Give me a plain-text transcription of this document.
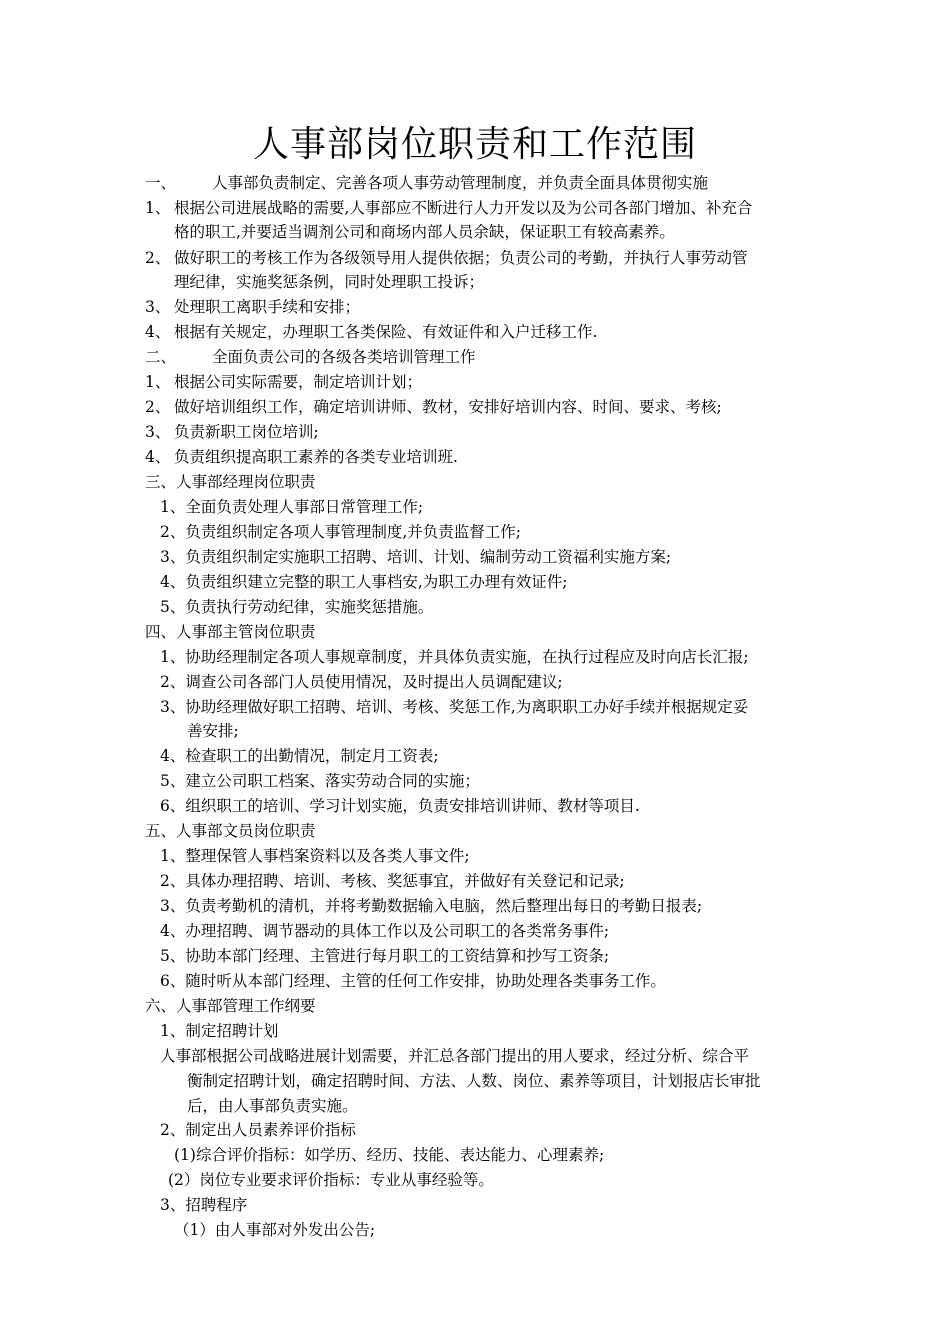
人事部岗位职责和工作范围
一、 人事部负责制定、完善各项人事劳动管理制度，并负责全面具体贯彻实施
1、 根据公司进展战略的需要,人事部应不断进行人力开发以及为公司各部门增加、补充合
格的职工,并要适当调剂公司和商场内部人员余缺，保证职工有较高素养。
2、 做好职工的考核工作为各级领导用人提供依据；负责公司的考勤，并执行人事劳动管
理纪律，实施奖惩条例，同时处理职工投诉；
3、 处理职工离职手续和安排；
4、 根据有关规定，办理职工各类保险、有效证件和入户迁移工作.
二、 全面负责公司的各级各类培训管理工作
1、 根据公司实际需要，制定培训计划；
2、 做好培训组织工作，确定培训讲师、教材，安排好培训内容、时间、要求、考核;
3、 负责新职工岗位培训;
4、 负责组织提高职工素养的各类专业培训班.
三、人事部经理岗位职责
1、全面负责处理人事部日常管理工作;
2、负责组织制定各项人事管理制度,并负责监督工作;
3、负责组织制定实施职工招聘、培训、计划、编制劳动工资福利实施方案;
4、负责组织建立完整的职工人事档安,为职工办理有效证件;
5、负责执行劳动纪律，实施奖惩措施。
四、人事部主管岗位职责
1、协助经理制定各项人事规章制度，并具体负责实施，在执行过程应及时向店长汇报;
2、调查公司各部门人员使用情况，及时提出人员调配建议;
3、协助经理做好职工招聘、培训、考核、奖惩工作,为离职职工办好手续并根据规定妥
善安排;
4、检查职工的出勤情况，制定月工资表;
5、建立公司职工档案、落实劳动合同的实施；
6、组织职工的培训、学习计划实施，负责安排培训讲师、教材等项目.
五、人事部文员岗位职责
1、整理保管人事档案资料以及各类人事文件;
2、具体办理招聘、培训、考核、奖惩事宜，并做好有关登记和记录;
3、负责考勤机的清机，并将考勤数据输入电脑，然后整理出每日的考勤日报表;
4、办理招聘、调节器动的具体工作以及公司职工的各类常务事件;
5、协助本部门经理、主管进行每月职工的工资结算和抄写工资条;
6、随时听从本部门经理、主管的任何工作安排，协助处理各类事务工作。
六、人事部管理工作纲要
1、制定招聘计划
人事部根据公司战略进展计划需要，并汇总各部门提出的用人要求，经过分析、综合平
衡制定招聘计划，确定招聘时间、方法、人数、岗位、素养等项目，计划报店长审批
后，由人事部负责实施。
2、制定出人员素养评价指标
(1)综合评价指标：如学历、经历、技能、表达能力、心理素养;
(2）岗位专业要求评价指标：专业从事经验等。
3、招聘程序
（1）由人事部对外发出公告;
